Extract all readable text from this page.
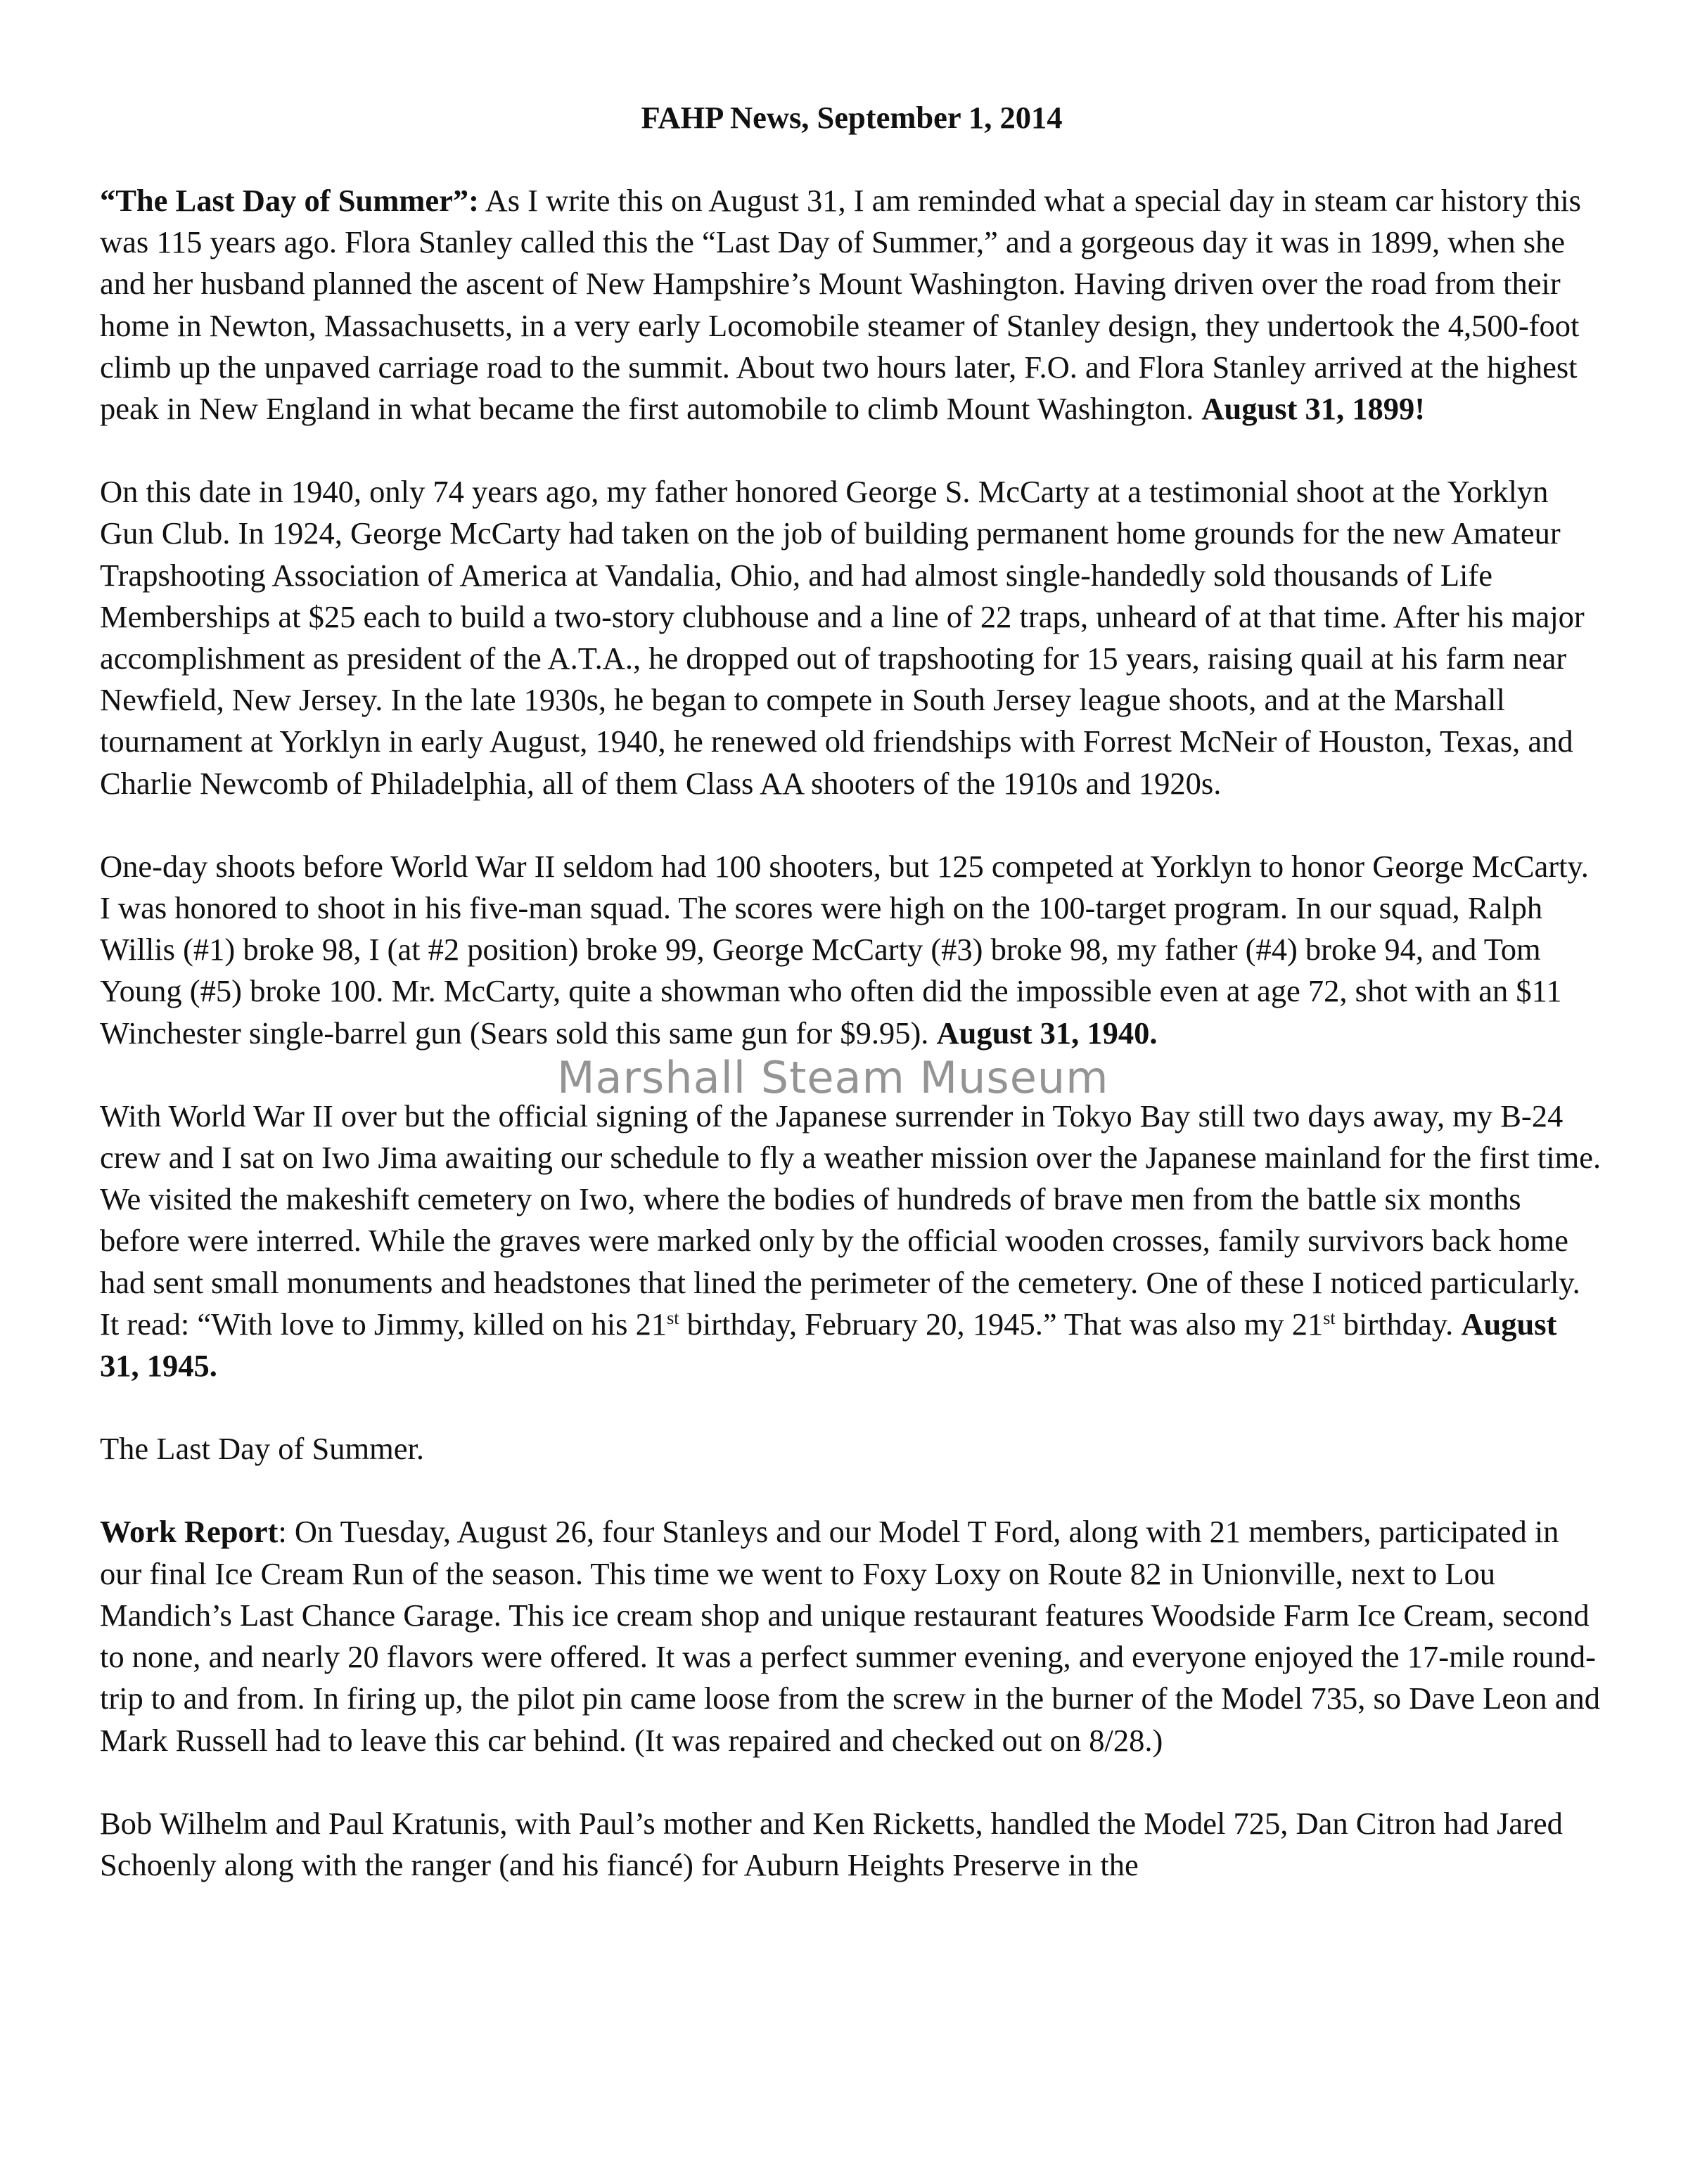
FAHP News, September 1, 2014

“The Last Day of Summer”: As I write this on August 31, I am reminded what a special day in steam car history this was 115 years ago. Flora Stanley called this the “Last Day of Summer,” and a gorgeous day it was in 1899, when she and her husband planned the ascent of New Hampshire’s Mount Washington. Having driven over the road from their home in Newton, Massachusetts, in a very early Locomobile steamer of Stanley design, they undertook the 4,500-foot climb up the unpaved carriage road to the summit. About two hours later, F.O. and Flora Stanley arrived at the highest peak in New England in what became the first automobile to climb Mount Washington. August 31, 1899!

On this date in 1940, only 74 years ago, my father honored George S. McCarty at a testimonial shoot at the Yorklyn Gun Club. In 1924, George McCarty had taken on the job of building permanent home grounds for the new Amateur Trapshooting Association of America at Vandalia, Ohio, and had almost single-handedly sold thousands of Life Memberships at $25 each to build a two-story clubhouse and a line of 22 traps, unheard of at that time. After his major accomplishment as president of the A.T.A., he dropped out of trapshooting for 15 years, raising quail at his farm near Newfield, New Jersey. In the late 1930s, he began to compete in South Jersey league shoots, and at the Marshall tournament at Yorklyn in early August, 1940, he renewed old friendships with Forrest McNeir of Houston, Texas, and Charlie Newcomb of Philadelphia, all of them Class AA shooters of the 1910s and 1920s.

One-day shoots before World War II seldom had 100 shooters, but 125 competed at Yorklyn to honor George McCarty. I was honored to shoot in his five-man squad. The scores were high on the 100-target program. In our squad, Ralph Willis (#1) broke 98, I (at #2 position) broke 99, George McCarty (#3) broke 98, my father (#4) broke 94, and Tom Young (#5) broke 100. Mr. McCarty, quite a showman who often did the impossible even at age 72, shot with an $11 Winchester single-barrel gun (Sears sold this same gun for $9.95). August 31, 1940.

With World War II over but the official signing of the Japanese surrender in Tokyo Bay still two days away, my B-24 crew and I sat on Iwo Jima awaiting our schedule to fly a weather mission over the Japanese mainland for the first time. We visited the makeshift cemetery on Iwo, where the bodies of hundreds of brave men from the battle six months before were interred. While the graves were marked only by the official wooden crosses, family survivors back home had sent small monuments and headstones that lined the perimeter of the cemetery. One of these I noticed particularly. It read: “With love to Jimmy, killed on his 21st birthday, February 20, 1945.” That was also my 21st birthday. August 31, 1945.

The Last Day of Summer.

Work Report: On Tuesday, August 26, four Stanleys and our Model T Ford, along with 21 members, participated in our final Ice Cream Run of the season. This time we went to Foxy Loxy on Route 82 in Unionville, next to Lou Mandich’s Last Chance Garage. This ice cream shop and unique restaurant features Woodside Farm Ice Cream, second to none, and nearly 20 flavors were offered. It was a perfect summer evening, and everyone enjoyed the 17-mile round-trip to and from. In firing up, the pilot pin came loose from the screw in the burner of the Model 735, so Dave Leon and Mark Russell had to leave this car behind. (It was repaired and checked out on 8/28.)

Bob Wilhelm and Paul Kratunis, with Paul’s mother and Ken Ricketts, handled the Model 725, Dan Citron had Jared Schoenly along with the ranger (and his fiancé) for Auburn Heights Preserve in the

Marshall Steam Museum
